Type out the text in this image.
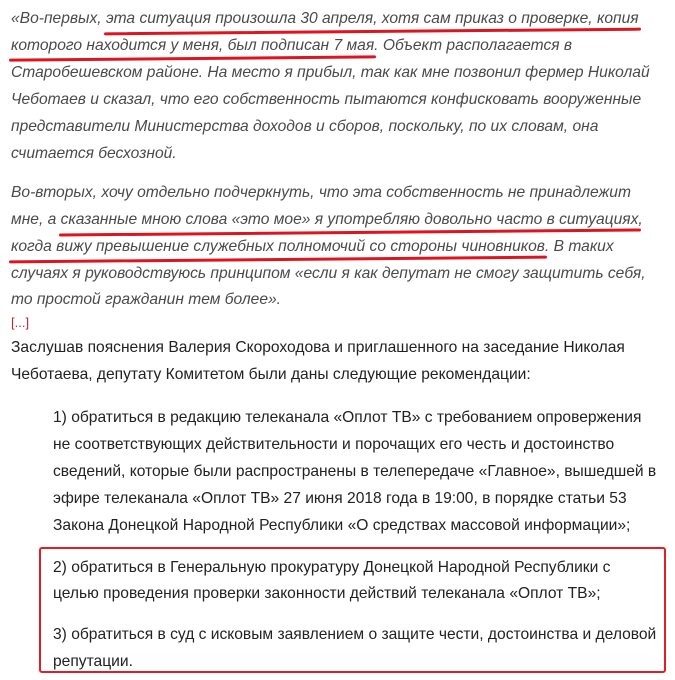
«Во-первых, эта ситуация произошла 30 апреля, хотя сам приказ о проверке, копия
которого находится у меня, был подписан 7 мая. Объект располагается в
Старобешевском районе. На место я прибыл, так как мне позвонил фермер Николай
Чеботаев и сказал, что его собственность пытаются конфисковать вооруженные
представители Министерства доходов и сборов, поскольку, по их словам, она
считается бесхозной.
Во-вторых, хочу отдельно подчеркнуть, что эта собственность не принадлежит
мне, а сказанные мною слова «это мое» я употребляю довольно часто в ситуациях,
когда вижу превышение служебных полномочий со стороны чиновников. В таких
случаях я руководствуюсь принципом «если я как депутат не смогу защитить себя,
то простой гражданин тем более».
[...]
Заслушав пояснения Валерия Скороходова и приглашенного на заседание Николая
Чеботаева, депутату Комитетом были даны следующие рекомендации:
1) обратиться в редакцию телеканала «Оплот ТВ» с требованием опровержения
не соответствующих действительности и порочащих его честь и достоинство
сведений, которые были распространены в телепередаче «Главное», вышедшей в
эфире телеканала «Оплот ТВ» 27 июня 2018 года в 19:00, в порядке статьи 53
Закона Донецкой Народной Республики «О средствах массовой информации»;
2) обратиться в Генеральную прокуратуру Донецкой Народной Республики с
целью проведения проверки законности действий телеканала «Оплот ТВ»;
3) обратиться в суд с исковым заявлением о защите чести, достоинства и деловой
репутации.
